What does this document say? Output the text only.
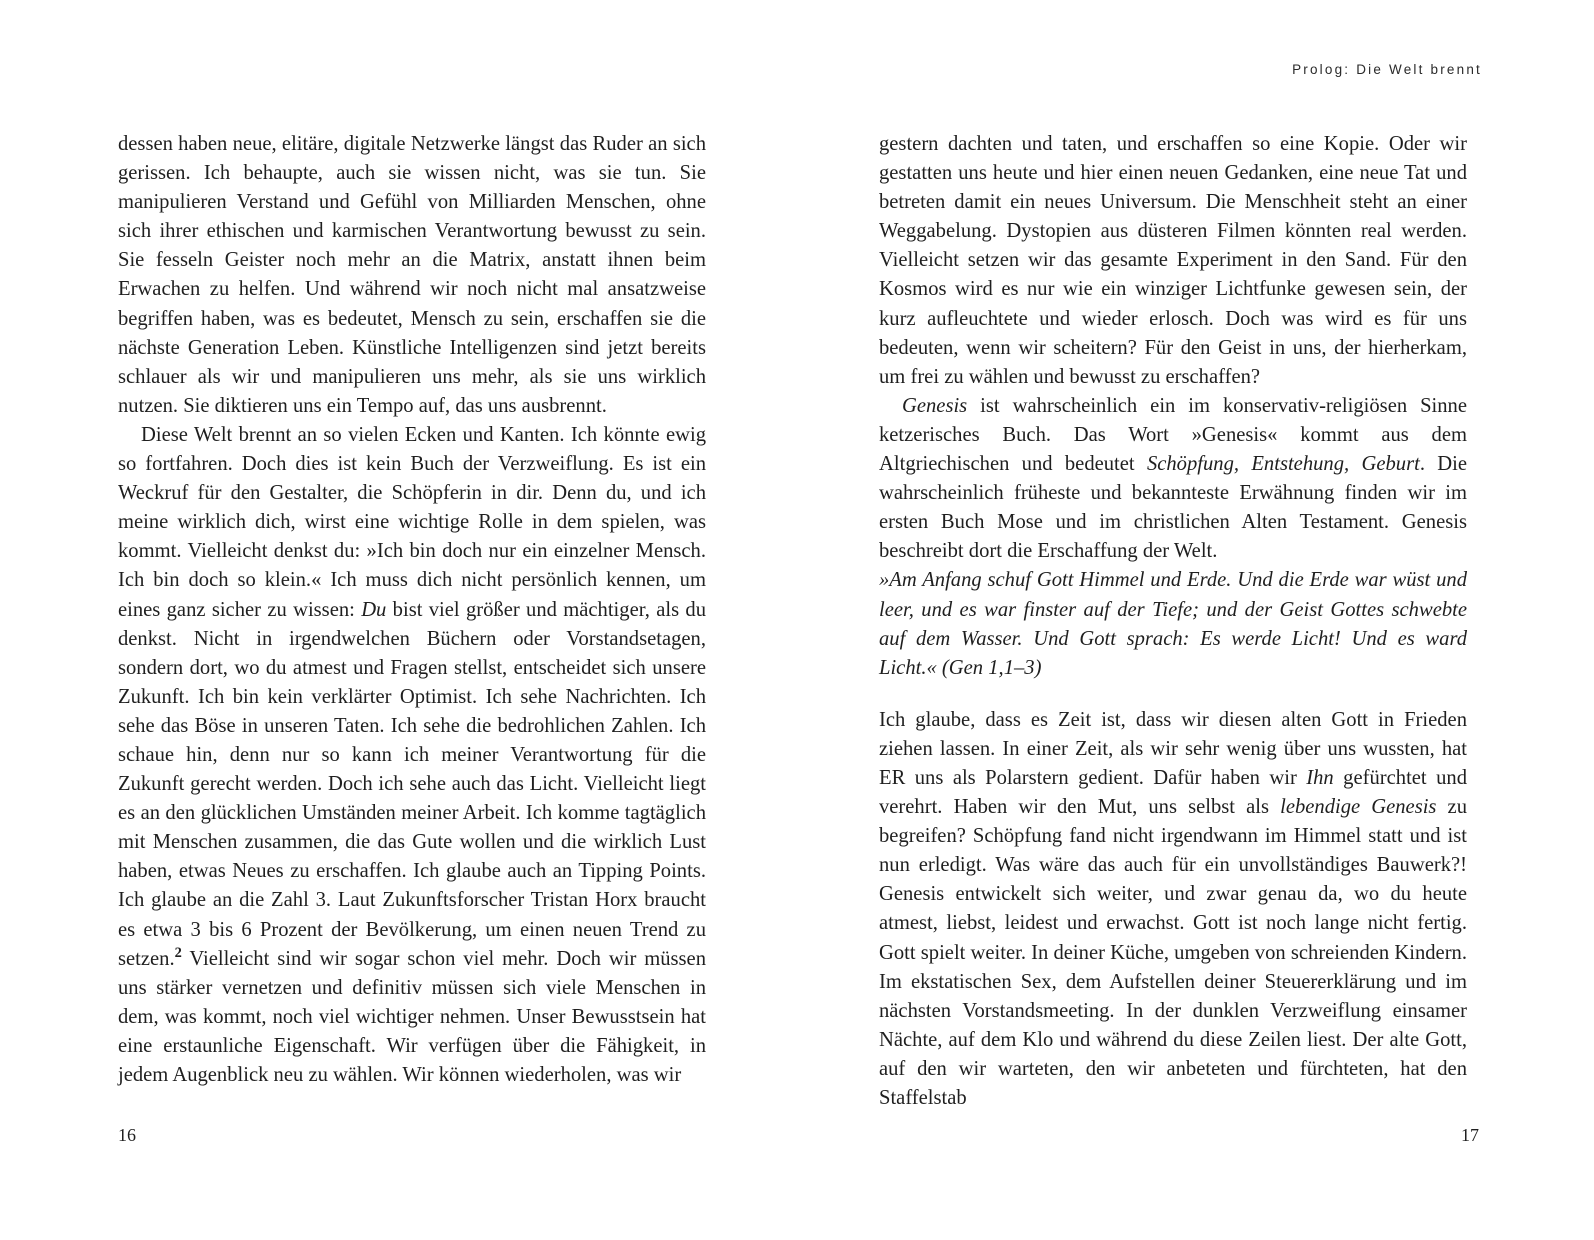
dessen haben neue, elitäre, digitale Netzwerke längst das Ruder an sich gerissen. Ich behaupte, auch sie wissen nicht, was sie tun. Sie manipulieren Verstand und Gefühl von Milliarden Menschen, ohne sich ihrer ethischen und karmischen Verantwortung bewusst zu sein. Sie fesseln Geister noch mehr an die Matrix, anstatt ihnen beim Erwachen zu helfen. Und während wir noch nicht mal ansatzweise begriffen haben, was es bedeutet, Mensch zu sein, erschaffen sie die nächste Generation Leben. Künstliche Intelligenzen sind jetzt bereits schlauer als wir und manipulieren uns mehr, als sie uns wirklich nutzen. Sie diktieren uns ein Tempo auf, das uns ausbrennt.

Diese Welt brennt an so vielen Ecken und Kanten. Ich könnte ewig so fortfahren. Doch dies ist kein Buch der Verzweiflung. Es ist ein Weckruf für den Gestalter, die Schöpferin in dir. Denn du, und ich meine wirklich dich, wirst eine wichtige Rolle in dem spielen, was kommt. Vielleicht denkst du: »Ich bin doch nur ein einzelner Mensch. Ich bin doch so klein.« Ich muss dich nicht persönlich kennen, um eines ganz sicher zu wissen: Du bist viel größer und mächtiger, als du denkst. Nicht in irgendwelchen Büchern oder Vorstandsetagen, sondern dort, wo du atmest und Fragen stellst, entscheidet sich unsere Zukunft. Ich bin kein verklärter Optimist. Ich sehe Nachrichten. Ich sehe das Böse in unseren Taten. Ich sehe die bedrohlichen Zahlen. Ich schaue hin, denn nur so kann ich meiner Verantwortung für die Zukunft gerecht werden. Doch ich sehe auch das Licht. Vielleicht liegt es an den glücklichen Umständen meiner Arbeit. Ich komme tagtäglich mit Menschen zusammen, die das Gute wollen und die wirklich Lust haben, etwas Neues zu erschaffen. Ich glaube auch an Tipping Points. Ich glaube an die Zahl 3. Laut Zukunftsforscher Tristan Horx braucht es etwa 3 bis 6 Prozent der Bevölkerung, um einen neuen Trend zu setzen.$^2$ Vielleicht sind wir sogar schon viel mehr. Doch wir müssen uns stärker vernetzen und definitiv müssen sich viele Menschen in dem, was kommt, noch viel wichtiger nehmen. Unser Bewusstsein hat eine erstaunliche Eigenschaft. Wir verfügen über die Fähigkeit, in jedem Augenblick neu zu wählen. Wir können wiederholen, was wir

16
Prolog: Die Welt brennt

gestern dachten und taten, und erschaffen so eine Kopie. Oder wir gestatten uns heute und hier einen neuen Gedanken, eine neue Tat und betreten damit ein neues Universum. Die Menschheit steht an einer Weggabelung. Dystopien aus düsteren Filmen könnten real werden. Vielleicht setzen wir das gesamte Experiment in den Sand. Für den Kosmos wird es nur wie ein winziger Lichtfunke gewesen sein, der kurz aufleuchtete und wieder erlosch. Doch was wird es für uns bedeuten, wenn wir scheitern? Für den Geist in uns, der hierherkam, um frei zu wählen und bewusst zu erschaffen?

Genesis ist wahrscheinlich ein im konservativ-religiösen Sinne ketzerisches Buch. Das Wort »Genesis« kommt aus dem Altgriechischen und bedeutet Schöpfung, Entstehung, Geburt. Die wahrscheinlich früheste und bekannteste Erwähnung finden wir im ersten Buch Mose und im christlichen Alten Testament. Genesis beschreibt dort die Erschaffung der Welt.

»Am Anfang schuf Gott Himmel und Erde. Und die Erde war wüst und leer, und es war finster auf der Tiefe; und der Geist Gottes schwebte auf dem Wasser. Und Gott sprach: Es werde Licht! Und es ward Licht.« (Gen 1,1–3)

Ich glaube, dass es Zeit ist, dass wir diesen alten Gott in Frieden ziehen lassen. In einer Zeit, als wir sehr wenig über uns wussten, hat ER uns als Polarstern gedient. Dafür haben wir Ihn gefürchtet und verehrt. Haben wir den Mut, uns selbst als lebendige Genesis zu begreifen? Schöpfung fand nicht irgendwann im Himmel statt und ist nun erledigt. Was wäre das auch für ein unvollständiges Bauwerk?! Genesis entwickelt sich weiter, und zwar genau da, wo du heute atmest, liebst, leidest und erwachst. Gott ist noch lange nicht fertig. Gott spielt weiter. In deiner Küche, umgeben von schreienden Kindern. Im ekstatischen Sex, dem Aufstellen deiner Steuererklärung und im nächsten Vorstandsmeeting. In der dunklen Verzweiflung einsamer Nächte, auf dem Klo und während du diese Zeilen liest. Der alte Gott, auf den wir warteten, den wir anbeteten und fürchteten, hat den Staffelstab

17
